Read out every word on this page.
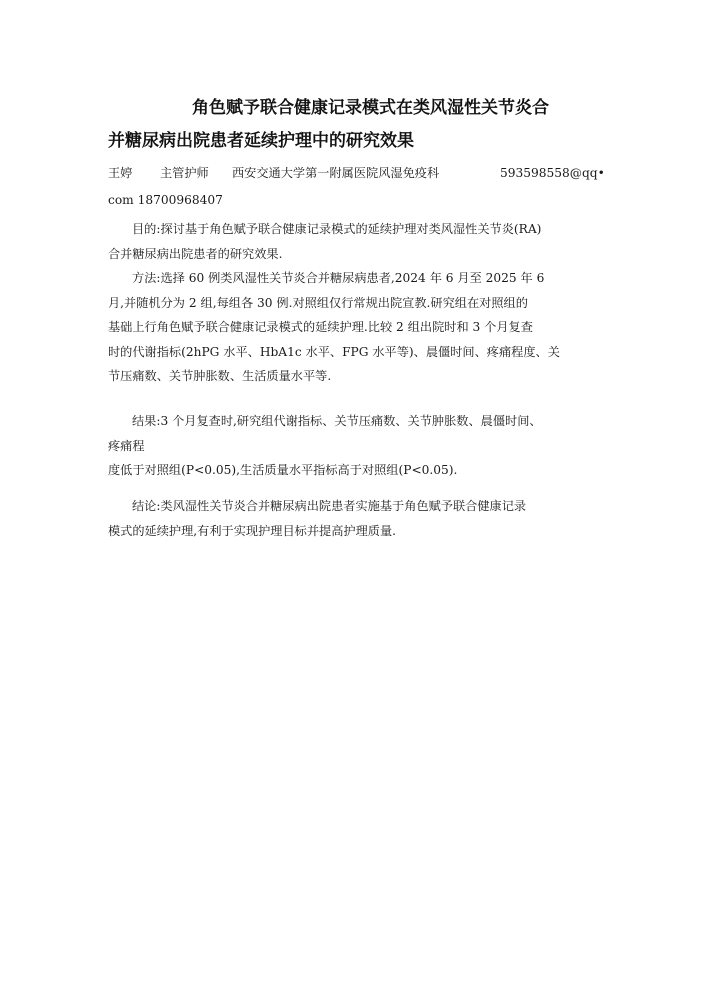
角色赋予联合健康记录模式在类风湿性关节炎合
并糖尿病出院患者延续护理中的研究效果
王婷 主管护师 西安交通大学第一附属医院风湿免疫科	593598558@qq•
com 18700968407
目的:探讨基于角色赋予联合健康记录模式的延续护理对类风湿性关节炎(RA)
合并糖尿病出院患者的研究效果.
方法:选择 60 例类风湿性关节炎合并糖尿病患者,2024 年 6 月至 2025 年 6
月,并随机分为 2 组,每组各 30 例.对照组仅行常规出院宣教.研究组在对照组的
基础上行角色赋予联合健康记录模式的延续护理.比较 2 组出院时和 3 个月复查
时的代谢指标(2hPG 水平、HbA1c 水平、FPG 水平等)、晨僵时间、疼痛程度、关
节压痛数、关节肿胀数、生活质量水平等.
结果:3 个月复查时,研究组代谢指标、关节压痛数、关节肿胀数、晨僵时间、
疼痛程
度低于对照组(P<0.05),生活质量水平指标高于对照组(P<0.05).
结论:类风湿性关节炎合并糖尿病出院患者实施基于角色赋予联合健康记录
模式的延续护理,有利于实现护理目标并提高护理质量.
